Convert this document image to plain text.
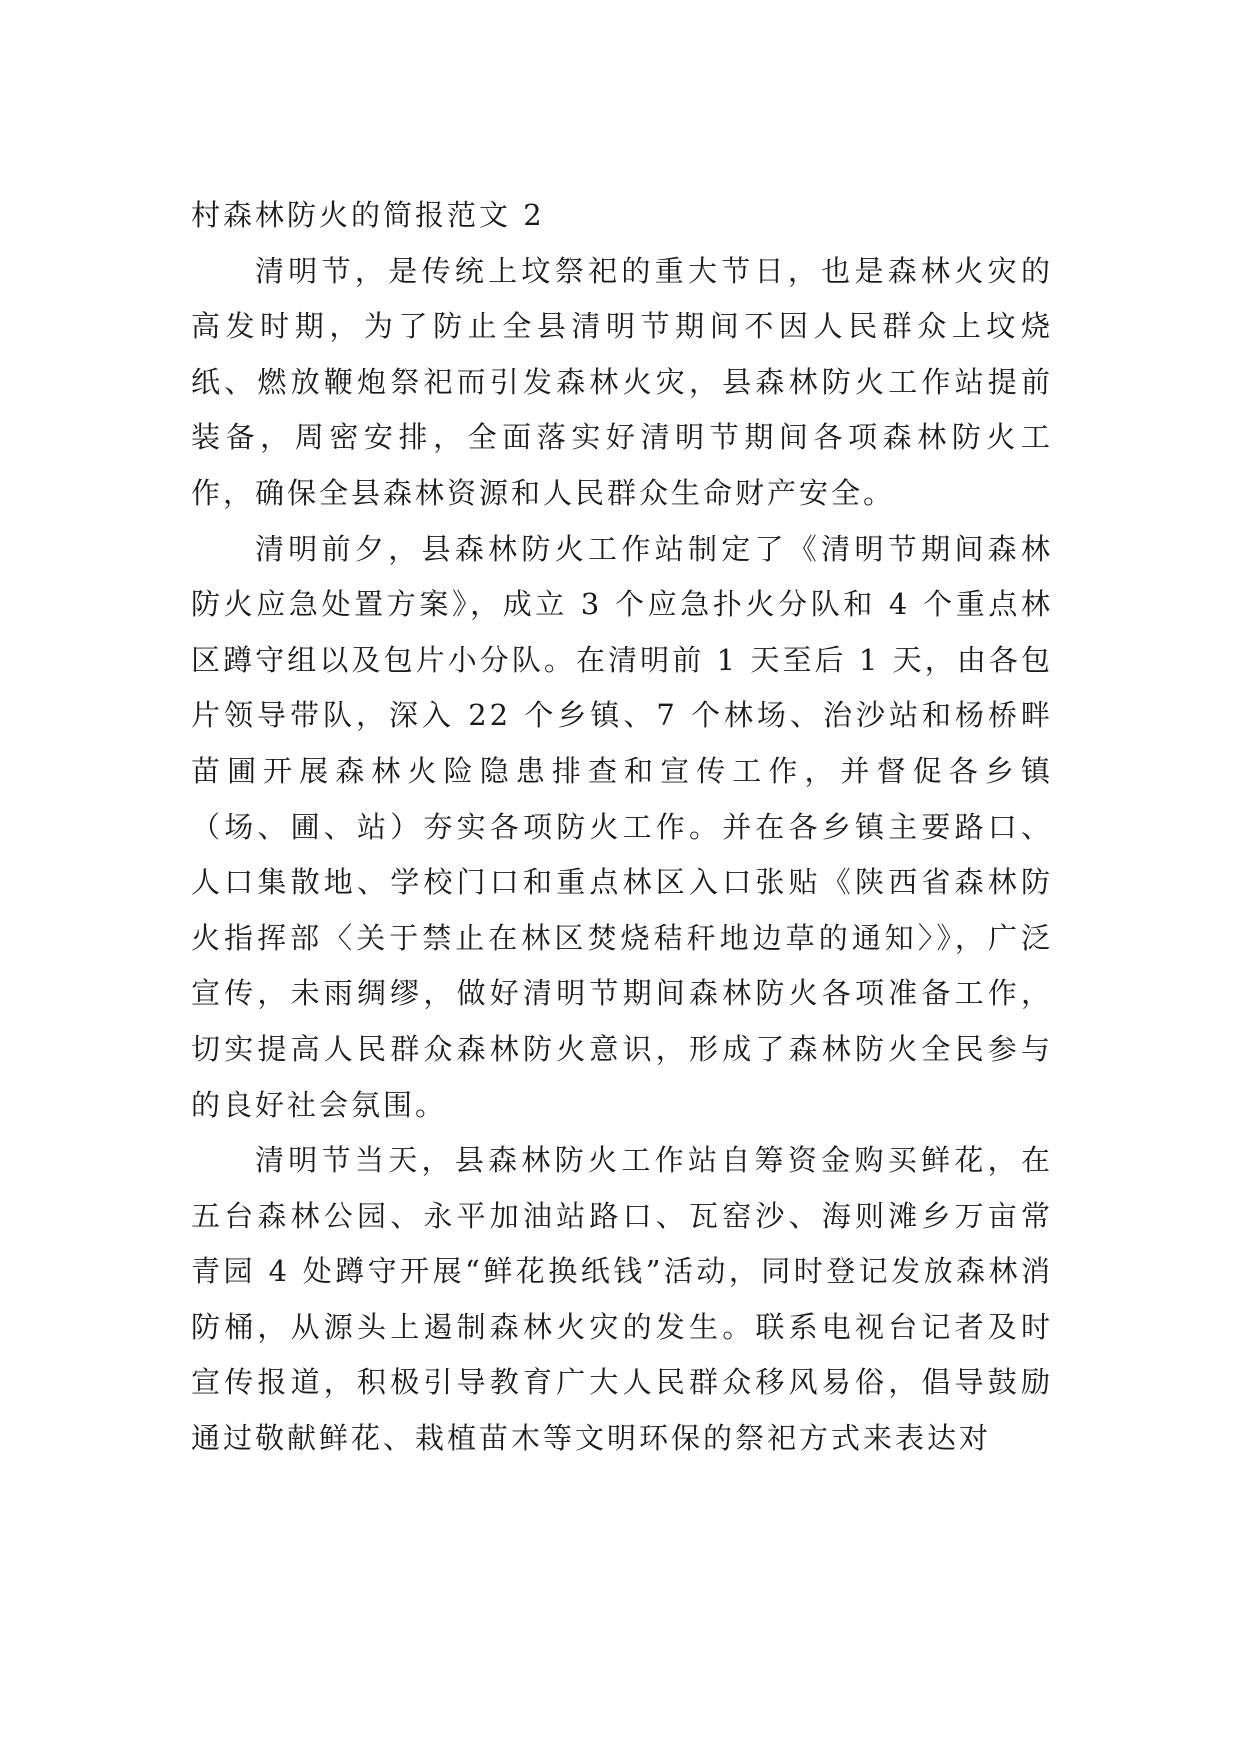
村森林防火的简报范文 2

清明节，是传统上坟祭祀的重大节日，也是森林火灾的高发时期，为了防止全县清明节期间不因人民群众上坟烧纸、燃放鞭炮祭祀而引发森林火灾，县森林防火工作站提前装备，周密安排，全面落实好清明节期间各项森林防火工作，确保全县森林资源和人民群众生命财产安全。

清明前夕，县森林防火工作站制定了《清明节期间森林防火应急处置方案》，成立 3 个应急扑火分队和 4 个重点林区蹲守组以及包片小分队。在清明前 1 天至后 1 天，由各包片领导带队，深入 22 个乡镇、7 个林场、治沙站和杨桥畔苗圃开展森林火险隐患排查和宣传工作，并督促各乡镇（场、圃、站）夯实各项防火工作。并在各乡镇主要路口、人口集散地、学校门口和重点林区入口张贴《陕西省森林防火指挥部〈关于禁止在林区焚烧秸秆地边草的通知〉》，广泛宣传，未雨绸缪，做好清明节期间森林防火各项准备工作，切实提高人民群众森林防火意识，形成了森林防火全民参与的良好社会氛围。

清明节当天，县森林防火工作站自筹资金购买鲜花，在五台森林公园、永平加油站路口、瓦窑沙、海则滩乡万亩常青园 4 处蹲守开展“鲜花换纸钱”活动，同时登记发放森林消防桶，从源头上遏制森林火灾的发生。联系电视台记者及时宣传报道，积极引导教育广大人民群众移风易俗，倡导鼓励通过敬献鲜花、栽植苗木等文明环保的祭祀方式来表达对
